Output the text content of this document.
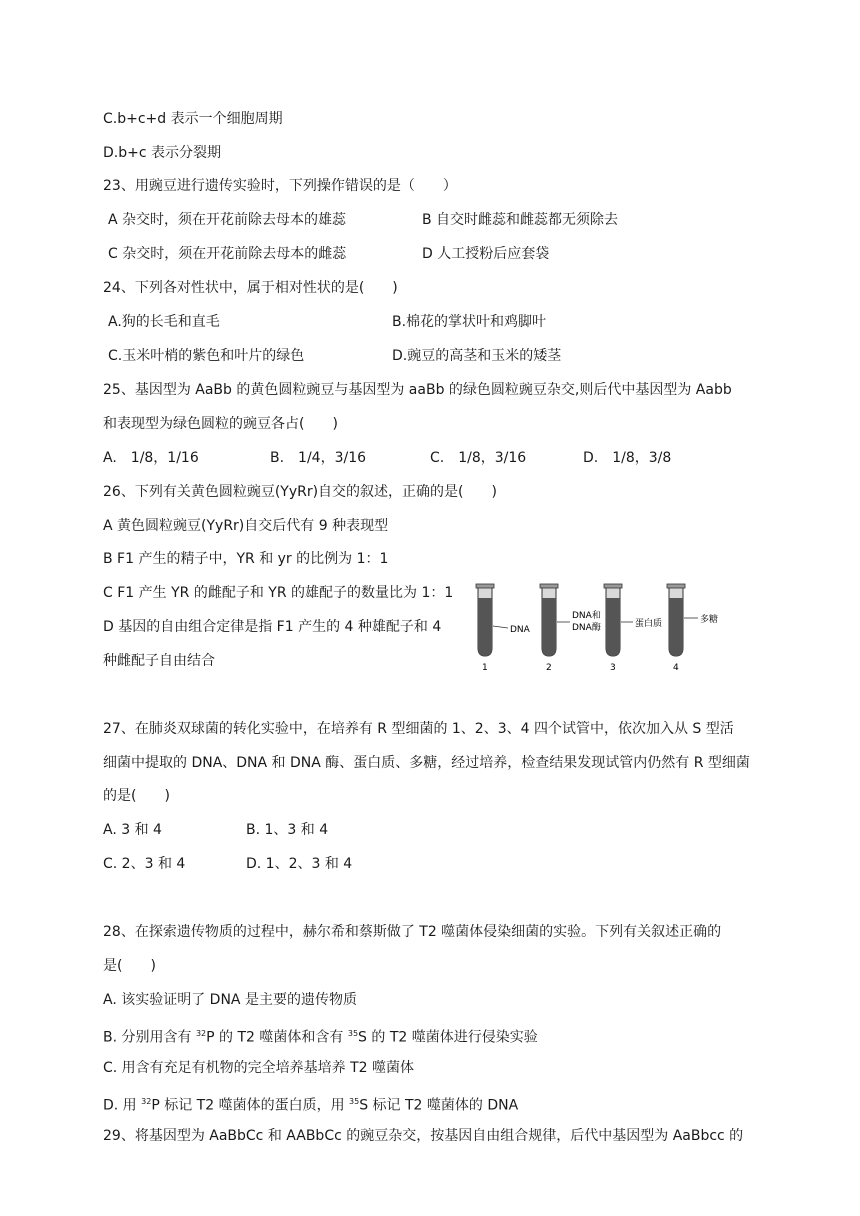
C.b+c+d 表示一个细胞周期
D.b+c 表示分裂期
23、用豌豆进行遗传实验时，下列操作错误的是（　　）
A 杂交时，须在开花前除去母本的雄蕊	B 自交时雌蕊和雌蕊都无须除去
C 杂交时，须在开花前除去母本的雌蕊	D 人工授粉后应套袋
24、下列各对性状中，属于相对性状的是(　　)
A.狗的长毛和直毛	B.棉花的掌状叶和鸡脚叶
C.玉米叶梢的紫色和叶片的绿色	D.豌豆的高茎和玉米的矮茎
25、基因型为 AaBb 的黄色圆粒豌豆与基因型为 aaBb 的绿色圆粒豌豆杂交,则后代中基因型为 Aabb
和表现型为绿色圆粒的豌豆各占(　　)
A.　1/8，1/16	B.　1/4，3/16	C.　1/8，3/16	D.　1/8，3/8
26、下列有关黄色圆粒豌豆(YyRr)自交的叙述，正确的是(　　)
A 黄色圆粒豌豆(YyRr)自交后代有 9 种表现型
B F1 产生的精子中，YR 和 yr 的比例为 1：1
C F1 产生 YR 的雌配子和 YR 的雄配子的数量比为 1：1
D 基因的自由组合定律是指 F1 产生的 4 种雄配子和 4
种雌配子自由结合
DNA
DNA和
DNA酶	蛋白质	多糖
1	2	3	4
27、在肺炎双球菌的转化实验中，在培养有 R 型细菌的 1、2、3、4 四个试管中，依次加入从 S 型活
细菌中提取的 DNA、DNA 和 DNA 酶、蛋白质、多糖，经过培养，检查结果发现试管内仍然有 R 型细菌
的是(　　)
A. 3 和 4	B. 1、3 和 4
C. 2、3 和 4	D. 1、2、3 和 4
28、在探索遗传物质的过程中，赫尔希和蔡斯做了 T2 噬菌体侵染细菌的实验。下列有关叙述正确的
是(　　)
A. 该实验证明了 DNA 是主要的遗传物质
B. 分别用含有 $^{32}$P 的 T2 噬菌体和含有 $^{35}$S 的 T2 噬菌体进行侵染实验
C. 用含有充足有机物的完全培养基培养 T2 噬菌体
D. 用 $^{32}$P 标记 T2 噬菌体的蛋白质，用 $^{35}$S 标记 T2 噬菌体的 DNA
29、将基因型为 AaBbCc 和 AABbCc 的豌豆杂交，按基因自由组合规律，后代中基因型为 AaBbcc 的
